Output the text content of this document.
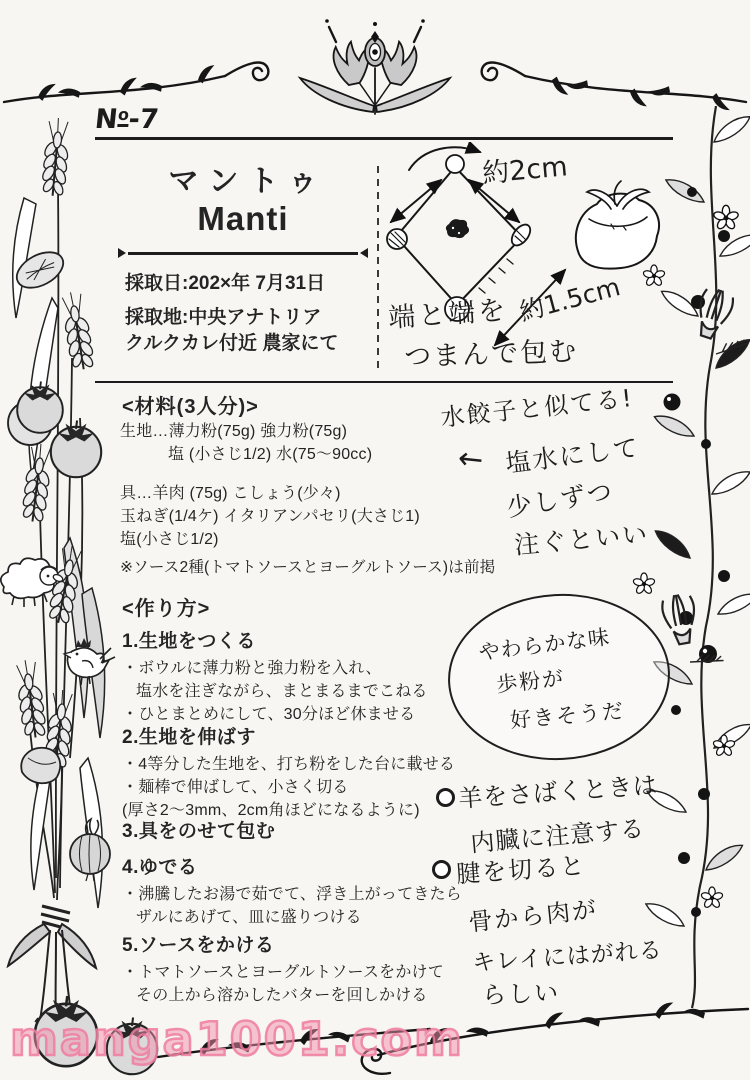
$N^o-7$
マントゥ
Manti
採取日:202×年 7月31日
採取地:中央アナトリア
クルクカレ付近 農家にて
約2cm
約1.5cm
端と端を
つまんで包む
<材料(3人分)>
生地…薄力粉(75g) 強力粉(75g)
塩 (小さじ1/2) 水(75〜90cc)
具…羊肉 (75g) こしょう(少々)
玉ねぎ(1/4ケ) イタリアンパセリ(大さじ1)
塩(小さじ1/2)
※ソース2種(トマトソースとヨーグルトソース)は前掲
<作り方>
1.生地をつくる
・ボウルに薄力粉と強力粉を入れ、
塩水を注ぎながら、まとまるまでこねる
・ひとまとめにして、30分ほど休ませる
2.生地を伸ばす
・4等分した生地を、打ち粉をした台に載せる
・麺棒で伸ばして、小さく切る
(厚さ2〜3mm、2cm角ほどになるように)
3.具をのせて包む
4.ゆでる
・沸騰したお湯で茹でて、浮き上がってきたら
ザルにあげて、皿に盛りつける
5.ソースをかける
・トマトソースとヨーグルトソースをかけて
その上から溶かしたバターを回しかける
水餃子と似てる!
← 塩水にして
少しずつ
注ぐといい
やわらかな味
歩粉が
好きそうだ
羊をさばくときは
内臓に注意する
腱を切ると
骨から肉が
キレイにはがれる
らしい
manga1001.com
